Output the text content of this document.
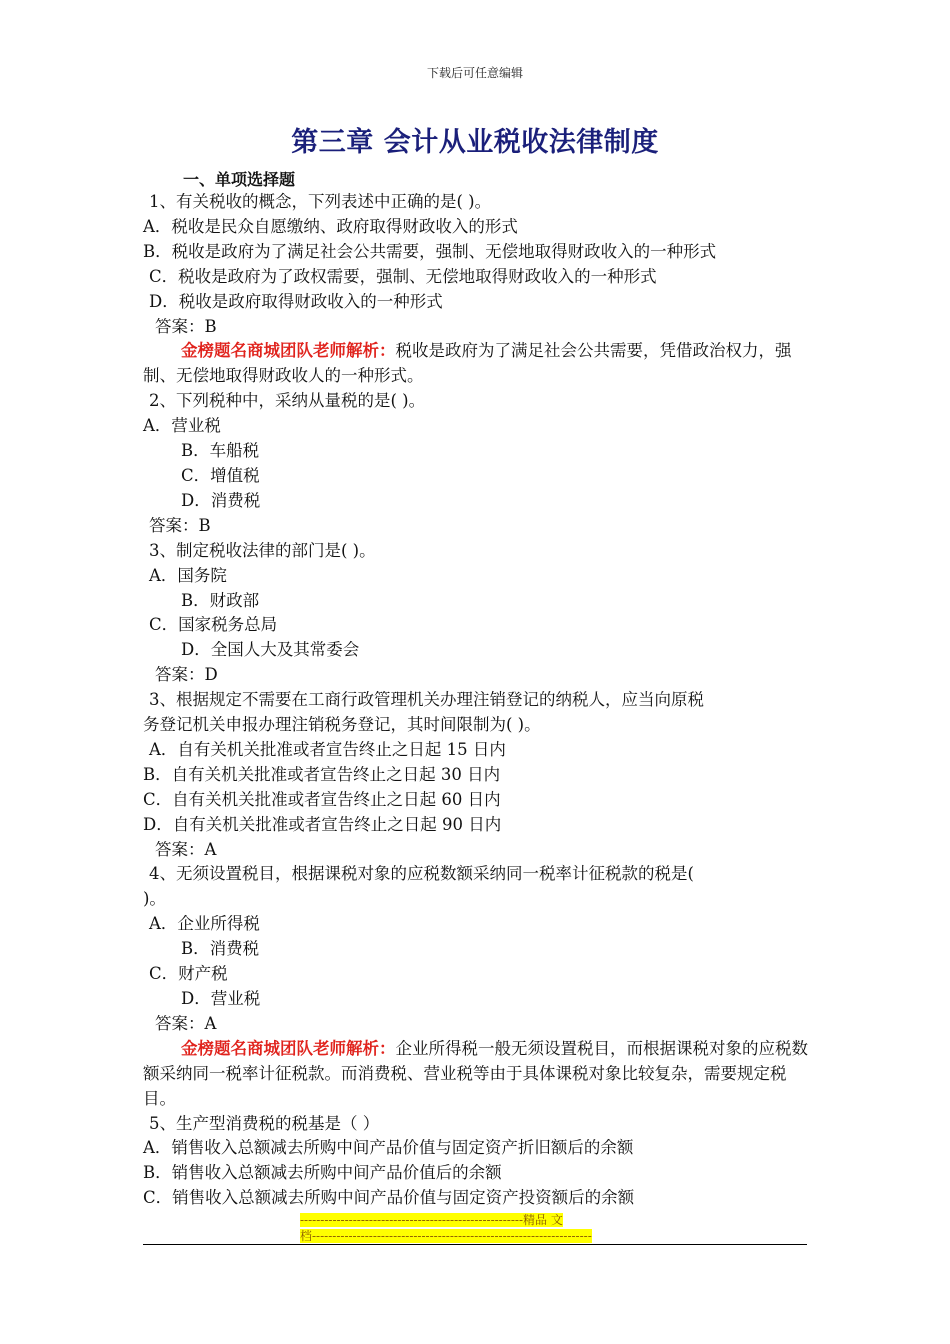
下载后可任意编辑
第三章 会计从业税收法律制度
一、单项选择题
1、有关税收的概念，下列表述中正确的是( )。
A．税收是民众自愿缴纳、政府取得财政收入的形式
B．税收是政府为了满足社会公共需要，强制、无偿地取得财政收入的一种形式
C．税收是政府为了政权需要，强制、无偿地取得财政收入的一种形式
D．税收是政府取得财政收入的一种形式
答案：B
金榜题名商城团队老师解析：税收是政府为了满足社会公共需要，凭借政治权力，强制、无偿地取得财政收人的一种形式。
2、下列税种中，采纳从量税的是( )。
A．营业税
B．车船税
C．增值税
D．消费税
答案：B
3、制定税收法律的部门是( )。
A．国务院
B．财政部
C．国家税务总局
D．全国人大及其常委会
答案：D
3、根据规定不需要在工商行政管理机关办理注销登记的纳税人，应当向原税
务登记机关申报办理注销税务登记，其时间限制为( )。
A．自有关机关批准或者宣告终止之日起 15 日内
B．自有关机关批准或者宣告终止之日起 30 日内
C．自有关机关批准或者宣告终止之日起 60 日内
D．自有关机关批准或者宣告终止之日起 90 日内
答案：A
4、无须设置税目，根据课税对象的应税数额采纳同一税率计征税款的税是(
)。
A．企业所得税
B．消费税
C．财产税
D．营业税
答案：A
金榜题名商城团队老师解析：企业所得税一般无须设置税目，而根据课税对象的应税数额采纳同一税率计征税款。而消费税、营业税等由于具体课税对象比较复杂，需要规定税目。
5、生产型消费税的税基是（ ）
A．销售收入总额减去所购中间产品价值与固定资产折旧额后的余额
B．销售收入总额减去所购中间产品价值后的余额
C．销售收入总额减去所购中间产品价值与固定资产投资额后的余额
-------------------------------------------------------精品 文
档---------------------------------------------------------------------
